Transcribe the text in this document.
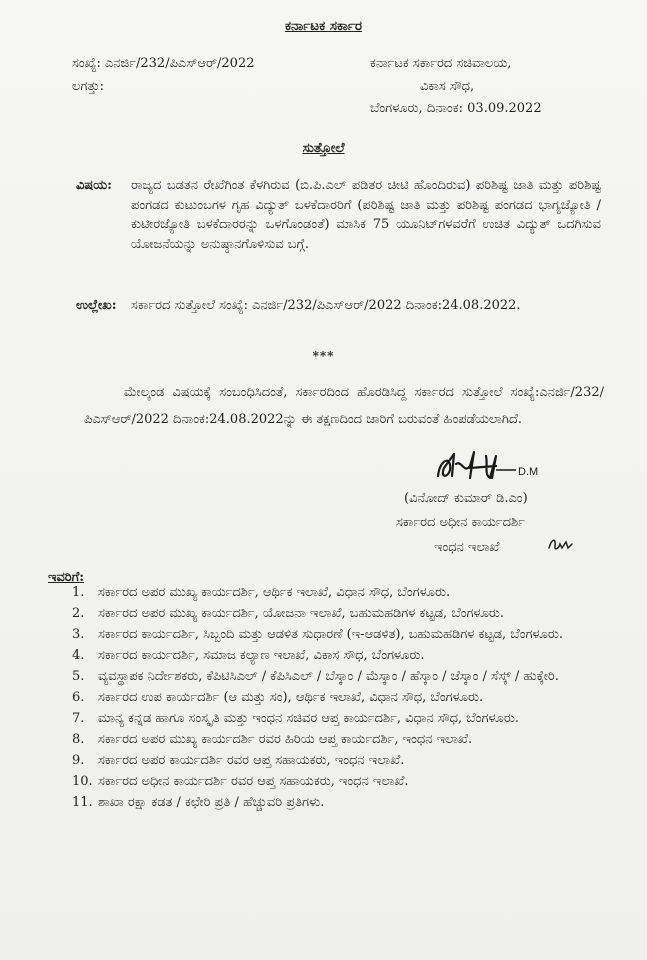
ಕರ್ನಾಟಕ ಸರ್ಕಾರ
ಸಂಖ್ಯೆ: ಎನರ್ಜಿ/232/ಪಿಎಸ್‌ಆರ್/2022
ಲಗತ್ತು:
ಕರ್ನಾಟಕ ಸರ್ಕಾರದ ಸಚಿವಾಲಯ,
ವಿಕಾಸ ಸೌಧ,
ಬೆಂಗಳೂರು, ದಿನಾಂಕ: 03.09.2022
ಸುತ್ತೋಲೆ
ವಿಷಯ: ರಾಜ್ಯದ ಬಡತನ ರೇಖೆಗಿಂತ ಕೆಳಗಿರುವ (ಬಿ.ಪಿ.ಎಲ್ ಪಡಿತರ ಚೀಟಿ ಹೊಂದಿರುವ) ಪರಿಶಿಷ್ಟ ಜಾತಿ ಮತ್ತು ಪರಿಶಿಷ್ಟ ಪಂಗಡದ ಕುಟುಂಬಗಳ ಗೃಹ ವಿದ್ಯುತ್ ಬಳಕೆದಾರರಿಗೆ (ಪರಿಶಿಷ್ಟ ಜಾತಿ ಮತ್ತು ಪರಿಶಿಷ್ಟ ಪಂಗಡದ ಭಾಗ್ಯಜ್ಯೋತಿ / ಕುಟೀರಜ್ಯೋತಿ ಬಳಕೆದಾರರನ್ನು ಒಳಗೊಂಡಂತೆ) ಮಾಸಿಕ 75 ಯೂನಿಟ್‌ಗಳವರೆಗೆ ಉಚಿತ ವಿದ್ಯುತ್ ಒದಗಿಸುವ ಯೋಜನೆಯನ್ನು ಅನುಷ್ಠಾನಗೊಳಿಸುವ ಬಗ್ಗೆ.
ಉಲ್ಲೇಖ: ಸರ್ಕಾರದ ಸುತ್ತೋಲೆ ಸಂಖ್ಯೆ: ಎನರ್ಜಿ/232/ಪಿಎಸ್‌ಆರ್/2022 ದಿನಾಂಕ:24.08.2022.
***
ಮೇಲ್ಕಂಡ ವಿಷಯಕ್ಕೆ ಸಂಬಂಧಿಸಿದಂತೆ, ಸರ್ಕಾರದಿಂದ ಹೊರಡಿಸಿದ್ದ ಸರ್ಕಾರದ ಸುತ್ತೋಲೆ ಸಂಖ್ಯೆ:ಎನರ್ಜಿ/232/ಪಿಎಸ್‌ಆರ್/2022 ದಿನಾಂಕ:24.08.2022ನ್ನು ಈ ತಕ್ಷಣದಿಂದ ಜಾರಿಗೆ ಬರುವಂತೆ ಹಿಂಪಡೆಯಲಾಗಿದೆ.
D.M
(ವಿನೋದ್ ಕುಮಾರ್ ಡಿ.ಎಂ)
ಸರ್ಕಾರದ ಅಧೀನ ಕಾರ್ಯದರ್ಶಿ
ಇಂಧನ ಇಲಾಖೆ
ಇವರಿಗೆ:
1.	ಸರ್ಕಾರದ ಅಪರ ಮುಖ್ಯ ಕಾರ್ಯದರ್ಶಿ, ಆರ್ಥಿಕ ಇಲಾಖೆ, ವಿಧಾನ ಸೌಧ, ಬೆಂಗಳೂರು.
2.	ಸರ್ಕಾರದ ಅಪರ ಮುಖ್ಯ ಕಾರ್ಯದರ್ಶಿ, ಯೋಜನಾ ಇಲಾಖೆ, ಬಹುಮಹಡಿಗಳ ಕಟ್ಟಡ, ಬೆಂಗಳೂರು.
3.	ಸರ್ಕಾರದ ಕಾರ್ಯದರ್ಶಿ, ಸಿಬ್ಬಂದಿ ಮತ್ತು ಆಡಳಿತ ಸುಧಾರಣೆ (ಇ-ಆಡಳಿತ), ಬಹುಮಹಡಿಗಳ ಕಟ್ಟಡ, ಬೆಂಗಳೂರು.
4.	ಸರ್ಕಾರದ ಕಾರ್ಯದರ್ಶಿ, ಸಮಾಜ ಕಲ್ಯಾಣ ಇಲಾಖೆ, ವಿಕಾಸ ಸೌಧ, ಬೆಂಗಳೂರು.
5.	ವ್ಯವಸ್ಥಾಪಕ ನಿರ್ದೇಶಕರು, ಕೆಪಿಟಿಸಿಎಲ್ / ಕೆಪಿಸಿಎಲ್ / ಬೆಸ್ಕಾಂ / ಮೆಸ್ಕಾಂ / ಹೆಸ್ಕಾಂ / ಜೆಸ್ಕಾಂ / ಸೆಸ್ಕ್ / ಹುಕ್ಕೇರಿ.
6.	ಸರ್ಕಾರದ ಉಪ ಕಾರ್ಯದರ್ಶಿ (ಆ ಮತ್ತು ಸಂ), ಆರ್ಥಿಕ ಇಲಾಖೆ, ವಿಧಾನ ಸೌಧ, ಬೆಂಗಳೂರು.
7.	ಮಾನ್ಯ ಕನ್ನಡ ಹಾಗೂ ಸಂಸ್ಕೃತಿ ಮತ್ತು ಇಂಧನ ಸಚಿವರ ಆಪ್ತ ಕಾರ್ಯದರ್ಶಿ, ವಿಧಾನ ಸೌಧ, ಬೆಂಗಳೂರು.
8.	ಸರ್ಕಾರದ ಅಪರ ಮುಖ್ಯ ಕಾರ್ಯದರ್ಶಿ ರವರ ಹಿರಿಯ ಆಪ್ತ ಕಾರ್ಯದರ್ಶಿ, ಇಂಧನ ಇಲಾಖೆ.
9.	ಸರ್ಕಾರದ ಅಪರ ಕಾರ್ಯದರ್ಶಿ ರವರ ಆಪ್ತ ಸಹಾಯಕರು, ಇಂಧನ ಇಲಾಖೆ.
10. ಸರ್ಕಾರದ ಅಧೀನ ಕಾರ್ಯದರ್ಶಿ ರವರ ಆಪ್ತ ಸಹಾಯಕರು, ಇಂಧನ ಇಲಾಖೆ.
11. ಶಾಖಾ ರಕ್ಷಾ ಕಡತ / ಕಛೇರಿ ಪ್ರತಿ / ಹೆಚ್ಚುವರಿ ಪ್ರತಿಗಳು.
